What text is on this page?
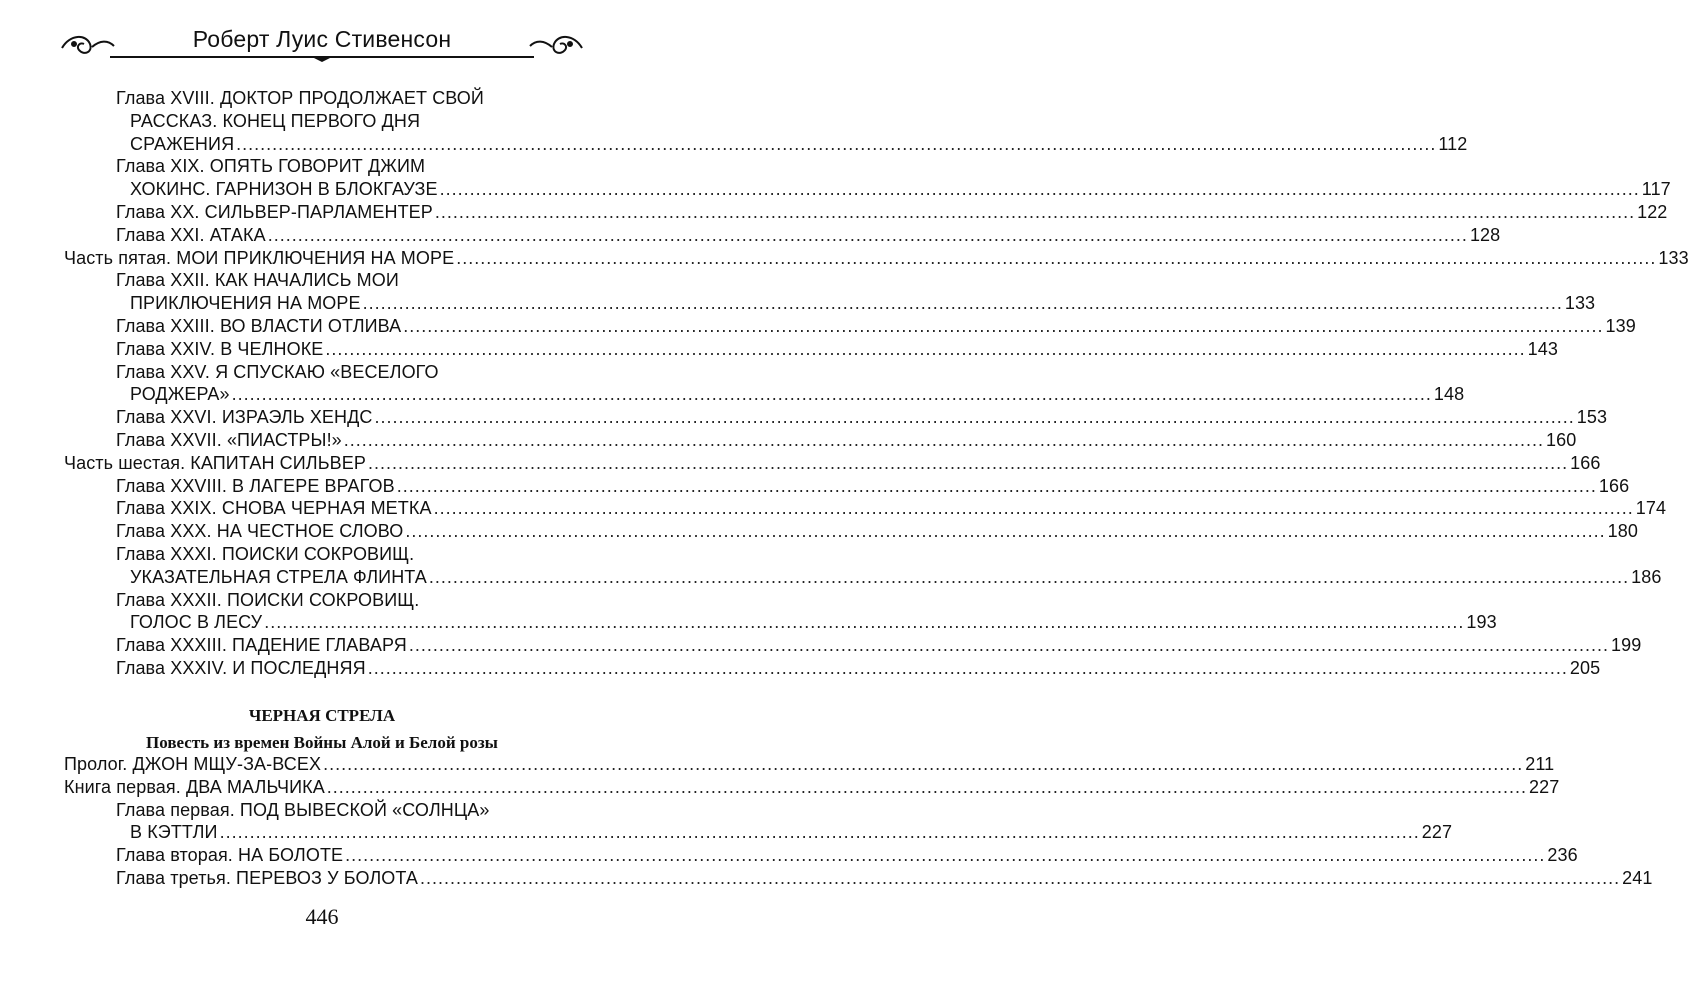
Роберт Луис Стивенсон
Глава XVIII. ДОКТОР ПРОДОЛЖАЕТ СВОЙ
РАССКАЗ. КОНЕЦ ПЕРВОГО ДНЯ
СРАЖЕНИЯ ........................................................................................................................................................................................................ 112
Глава XIX. ОПЯТЬ ГОВОРИТ ДЖИМ
ХОКИНС. ГАРНИЗОН В БЛОКГАУЗЕ ........................................................................................................................................................................................................ 117
Глава XX. СИЛЬВЕР-ПАРЛАМЕНТЕР ........................................................................................................................................................................................................ 122
Глава XXI. АТАКА ........................................................................................................................................................................................................ 128
Часть пятая. МОИ ПРИКЛЮЧЕНИЯ НА МОРЕ ........................................................................................................................................................................................................ 133
Глава XXII. КАК НАЧАЛИСЬ МОИ
ПРИКЛЮЧЕНИЯ НА МОРЕ ........................................................................................................................................................................................................ 133
Глава XXIII. ВО ВЛАСТИ ОТЛИВА ........................................................................................................................................................................................................ 139
Глава XXIV. В ЧЕЛНОКЕ ........................................................................................................................................................................................................ 143
Глава XXV. Я СПУСКАЮ «ВЕСЕЛОГО
РОДЖЕРА» ........................................................................................................................................................................................................ 148
Глава XXVI. ИЗРАЭЛЬ ХЕНДС ........................................................................................................................................................................................................ 153
Глава XXVII. «ПИАСТРЫ!» ........................................................................................................................................................................................................ 160
Часть шестая. КАПИТАН СИЛЬВЕР ........................................................................................................................................................................................................ 166
Глава XXVIII. В ЛАГЕРЕ ВРАГОВ ........................................................................................................................................................................................................ 166
Глава XXIX. СНОВА ЧЕРНАЯ МЕТКА ........................................................................................................................................................................................................ 174
Глава XXX. НА ЧЕСТНОЕ СЛОВО ........................................................................................................................................................................................................ 180
Глава XXXI. ПОИСКИ СОКРОВИЩ.
УКАЗАТЕЛЬНАЯ СТРЕЛА ФЛИНТА ........................................................................................................................................................................................................ 186
Глава XXXII. ПОИСКИ СОКРОВИЩ.
ГОЛОС В ЛЕСУ ........................................................................................................................................................................................................ 193
Глава XXXIII. ПАДЕНИЕ ГЛАВАРЯ ........................................................................................................................................................................................................ 199
Глава XXXIV. И ПОСЛЕДНЯЯ ........................................................................................................................................................................................................ 205
ЧЕРНАЯ СТРЕЛА
Повесть из времен Войны Алой и Белой розы
Пролог. ДЖОН МЩУ-ЗА-ВСЕХ ........................................................................................................................................................................................................ 211
Книга первая. ДВА МАЛЬЧИКА ........................................................................................................................................................................................................ 227
Глава первая. ПОД ВЫВЕСКОЙ «СОЛНЦА»
В КЭТТЛИ ........................................................................................................................................................................................................ 227
Глава вторая. НА БОЛОТЕ ........................................................................................................................................................................................................ 236
Глава третья. ПЕРЕВОЗ У БОЛОТА ........................................................................................................................................................................................................ 241
446
